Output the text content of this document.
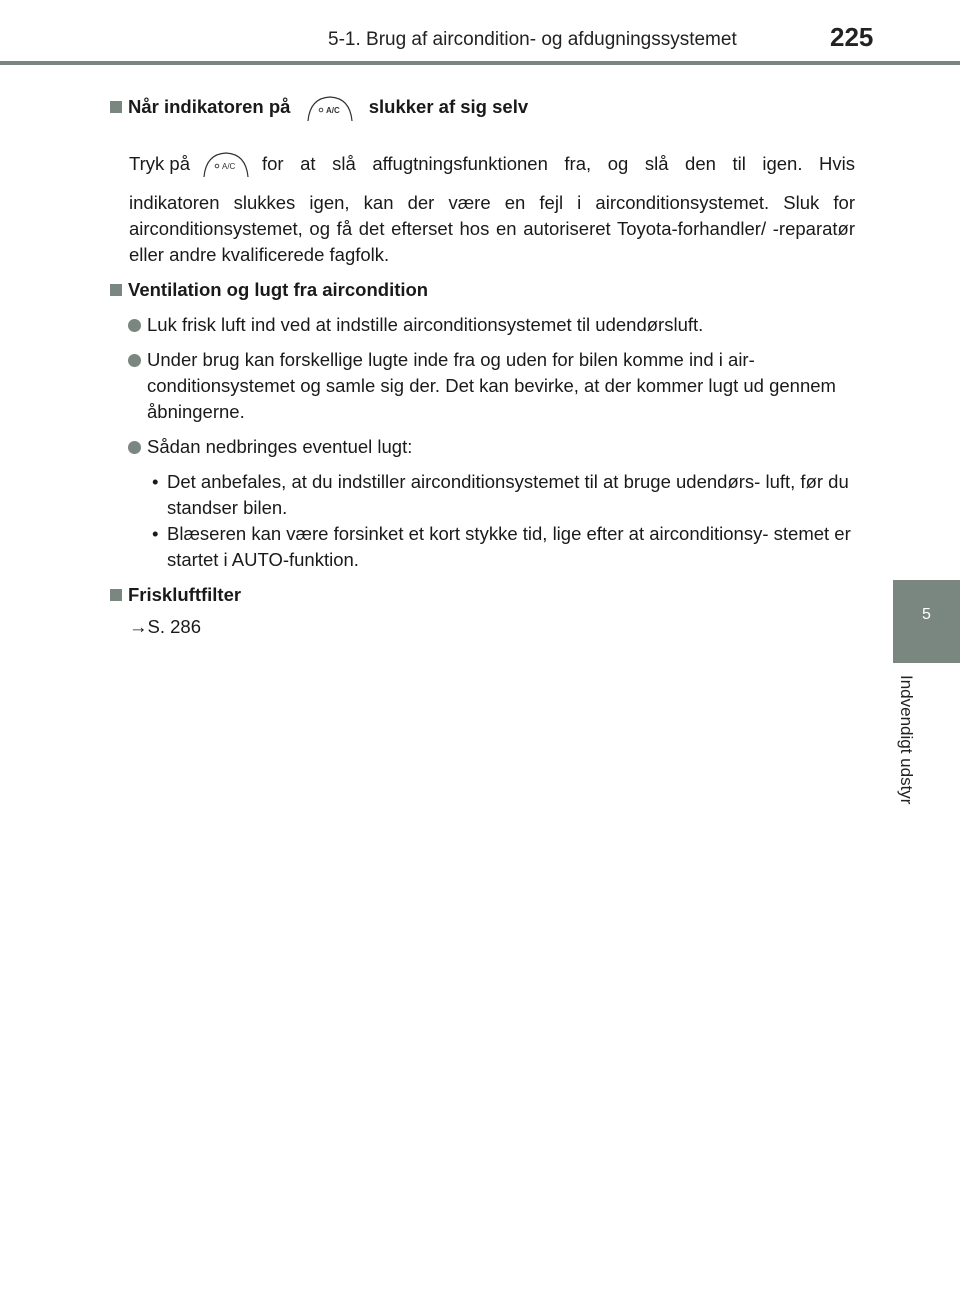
5-1. Brug af aircondition- og afdugningssystemet	225
5
Indvendigt udstyr

Når indikatoren på	A/C slukker af sig selv

Tryk på	A/C for at slå affugtningsfunktionen fra, og slå den til igen. Hvis
indikatoren slukkes igen, kan der være en fejl i airconditionsystemet. Sluk for airconditionsystemet, og få det efterset hos en autoriseret Toyota-forhandler/ -reparatør eller andre kvalificerede fagfolk.

Ventilation og lugt fra aircondition

Luk frisk luft ind ved at indstille airconditionsystemet til udendørsluft.
Under brug kan forskellige lugte inde fra og uden for bilen komme ind i air- conditionsystemet og samle sig der. Det kan bevirke, at der kommer lugt ud gennem åbningerne.
Sådan nedbringes eventuel lugt:
• Det anbefales, at du indstiller airconditionsystemet til at bruge udendørs- luft, før du standser bilen.
• Blæseren kan være forsinket et kort stykke tid, lige efter at airconditionsy- stemet er startet i AUTO-funktion.

Friskluftfilter

→S. 286
